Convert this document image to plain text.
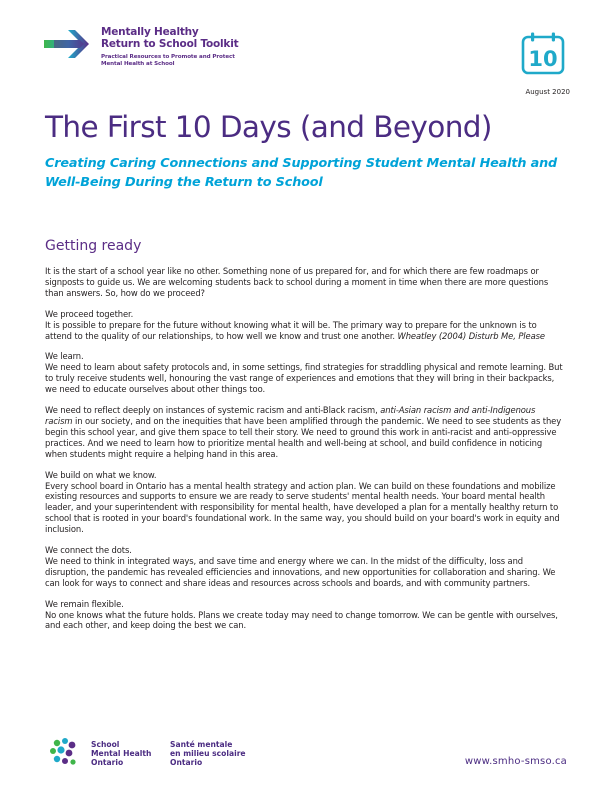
Mentally Healthy
Return to School Toolkit
Practical Resources to Promote and Protect
Mental Health at School	10
August 2020
The First 10 Days (and Beyond)
Creating Caring Connections and Supporting Student Mental Health and Well-Being During the Return to School
Getting ready

It is the start of a school year like no other. Something none of us prepared for, and for which there are few roadmaps or signposts to guide us. We are welcoming students back to school during a moment in time when there are more questions than answers. So, how do we proceed?

We proceed together.
It is possible to prepare for the future without knowing what it will be. The primary way to prepare for the unknown is to attend to the quality of our relationships, to how well we know and trust one another. Wheatley (2004) Disturb Me, Please

We learn.
We need to learn about safety protocols and, in some settings, find strategies for straddling physical and remote learning. But to truly receive students well, honouring the vast range of experiences and emotions that they will bring in their backpacks, we need to educate ourselves about other things too.

We need to reflect deeply on instances of systemic racism and anti-Black racism, anti-Asian racism and anti-Indigenous racism in our society, and on the inequities that have been amplified through the pandemic. We need to see students as they begin this school year, and give them space to tell their story. We need to ground this work in anti-racist and anti-oppressive practices. And we need to learn how to prioritize mental health and well-being at school, and build confidence in noticing when students might require a helping hand in this area.

We build on what we know.
Every school board in Ontario has a mental health strategy and action plan. We can build on these foundations and mobilize existing resources and supports to ensure we are ready to serve students' mental health needs. Your board mental health leader, and your superintendent with responsibility for mental health, have developed a plan for a mentally healthy return to school that is rooted in your board's foundational work. In the same way, you should build on your board's work in equity and inclusion.

We connect the dots.
We need to think in integrated ways, and save time and energy where we can. In the midst of the difficulty, loss and disruption, the pandemic has revealed efficiencies and innovations, and new opportunities for collaboration and sharing. We can look for ways to connect and share ideas and resources across schools and boards, and with community partners.

We remain flexible.
No one knows what the future holds. Plans we create today may need to change tomorrow. We can be gentle with ourselves, and each other, and keep doing the best we can.

School
Mental Health
Ontario
Santé mentale
en milieu scolaire
Ontario	www.smho-smso.ca
